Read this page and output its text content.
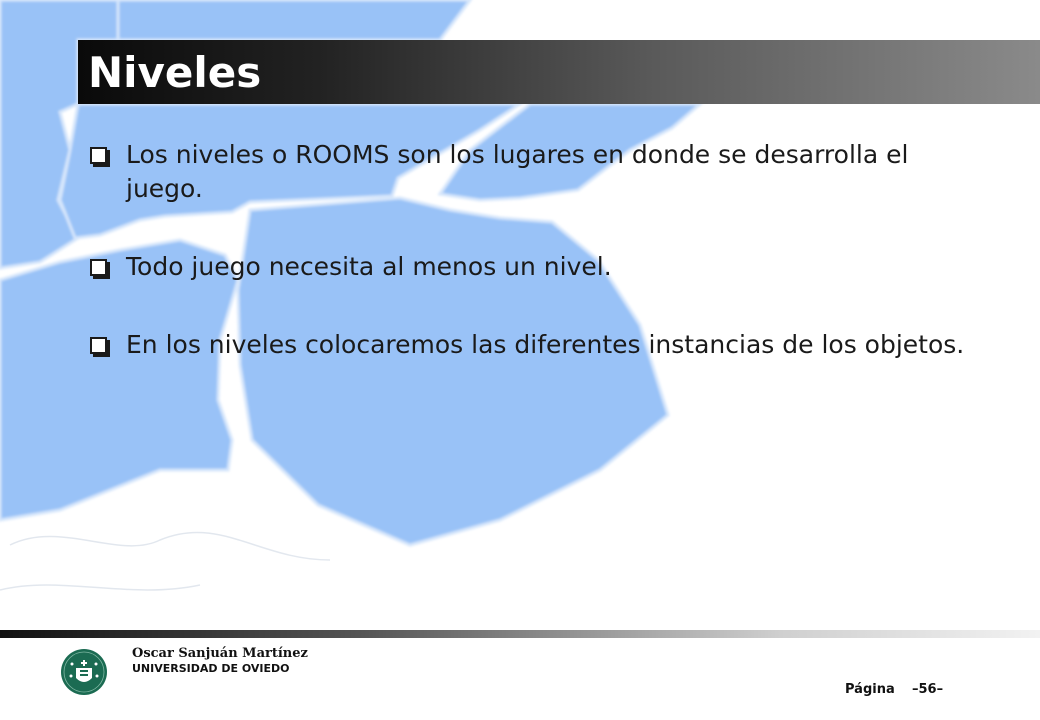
Niveles
Los niveles o ROOMS son los lugares en donde se desarrolla el juego.
Todo juego necesita al menos un nivel.
En los niveles colocaremos las diferentes instancias de los objetos.

Oscar Sanjuán Martínez

UNIVERSIDAD DE OVIEDO

Página –56–
